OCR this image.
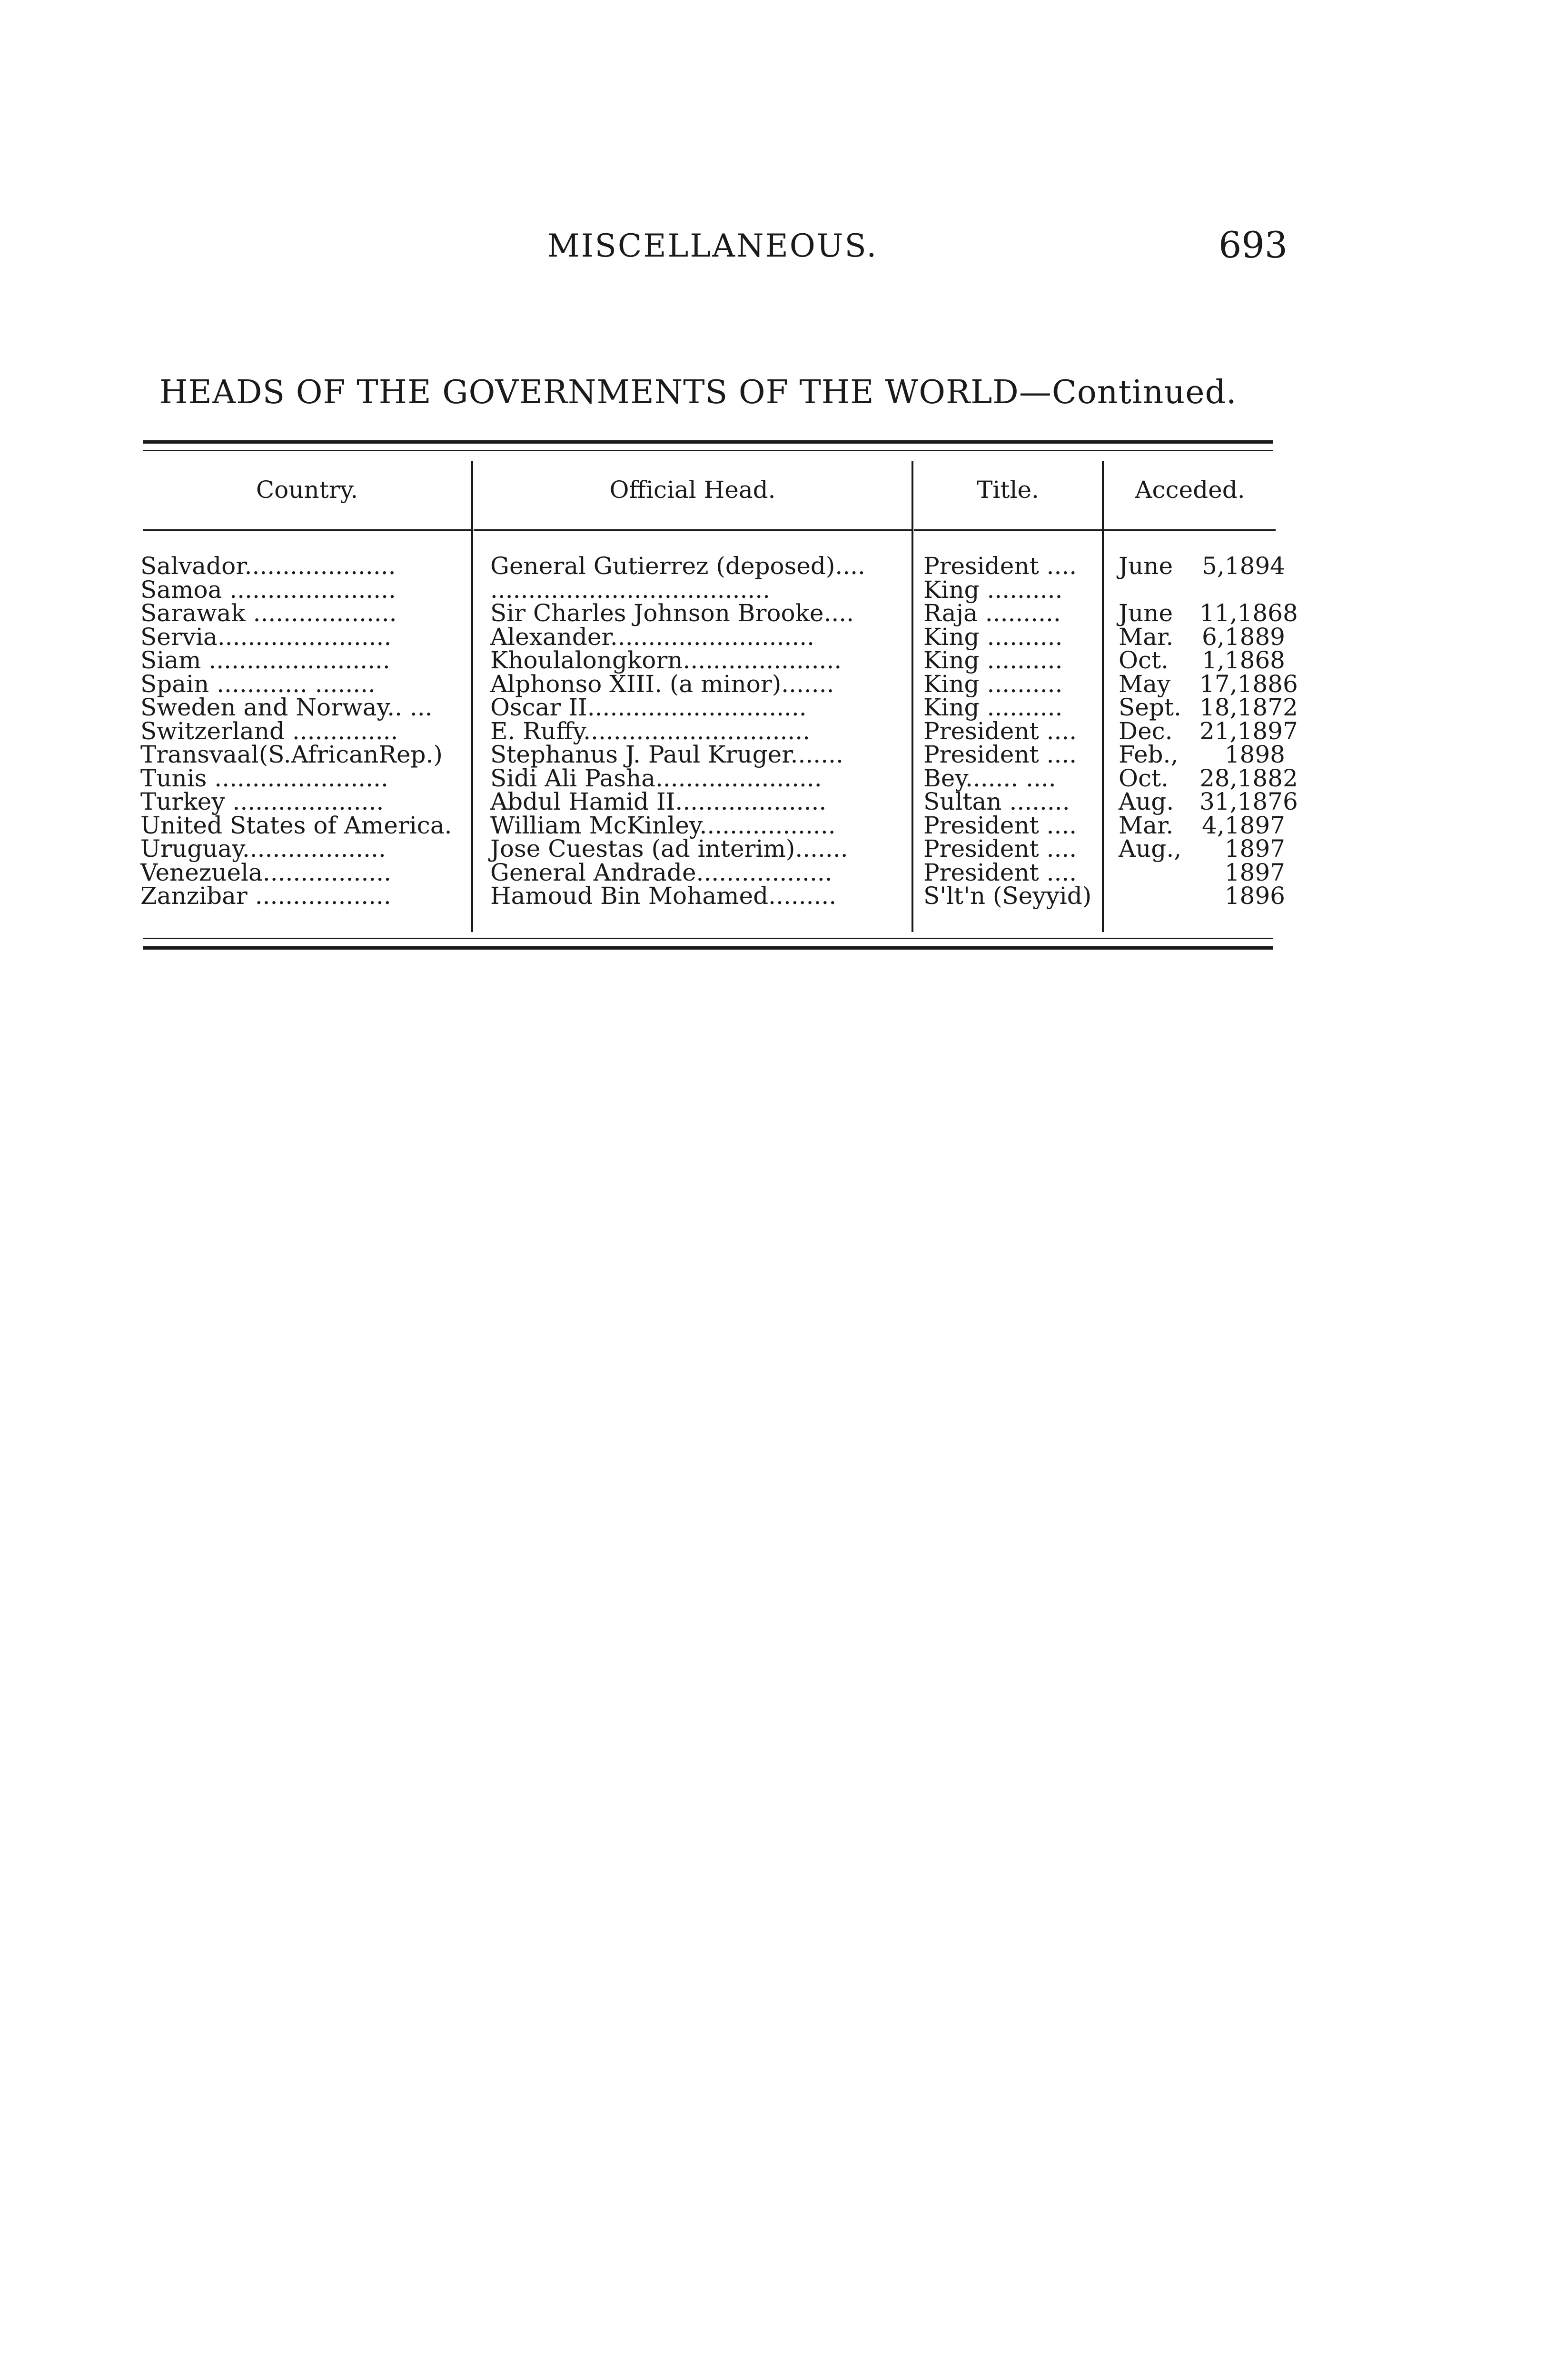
MISCELLANEOUS.	693
HEADS OF THE GOVERNMENTS OF THE WORLD—Continued.
Country.	Official Head.	Title.	Acceded.
Salvador....................	General Gutierrez (deposed)....	President ....	June	5,1894
Samoa ......................	.....................................	King ..........
Sarawak ...................	Sir Charles Johnson Brooke....	Raja ..........	June	11,1868
Servia.......................	Alexander...........................	King ..........	Mar.	6,1889
Siam ........................	Khoulalongkorn.....................	King ..........	Oct.	1,1868
Spain ............ ........	Alphonso XIII. (a minor).......	King ..........	May	17,1886
Sweden and Norway.. ...	Oscar II.............................	King ..........	Sept. 18,1872
Switzerland ..............	E. Ruffy..............................	President ....	Dec.	21,1897
Transvaal(S.AfricanRep.)	Stephanus J. Paul Kruger.......	President ....	Feb.,	1898
Tunis .......................	Sidi Ali Pasha......................	Bey....... ....	Oct.	28,1882
Turkey ....................	Abdul Hamid II....................	Sultan ........	Aug.	31,1876
United States of America.	William McKinley..................	President ....	Mar.	4,1897
Uruguay...................	Jose Cuestas (ad interim).......	President ....	Aug.,	1897
Venezuela.................	General Andrade..................	President ....	1897
Zanzibar ..................	Hamoud Bin Mohamed.........	S'lt'n (Seyyid)	1896
